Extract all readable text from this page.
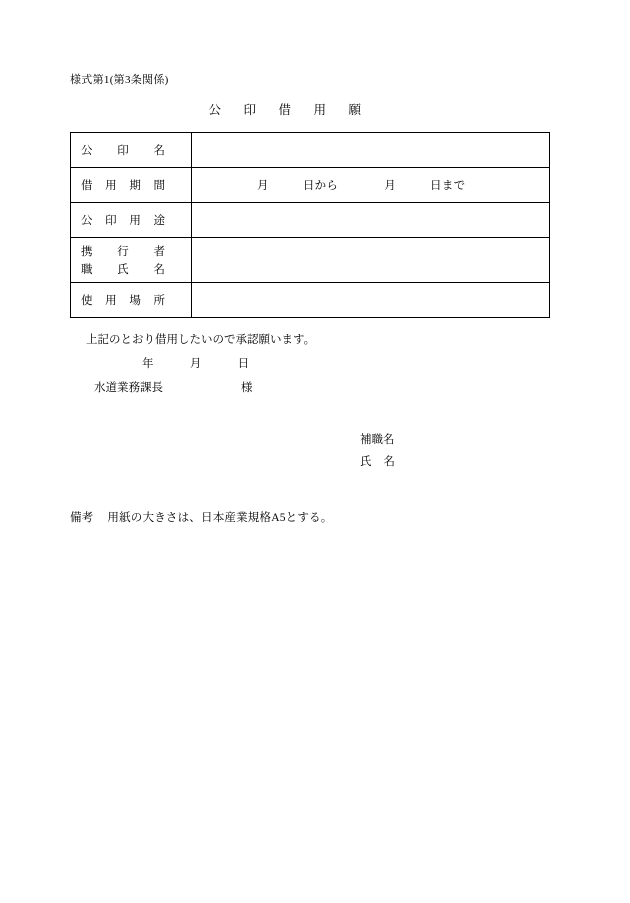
様式第1(第3条関係)
公 印 借 用 願
公 印 名	

借 用 期 間	月 日から 月 日まで

公 印 用 途	

携 行 者
職 氏 名

使 用 場 所	

上記のとおり借用したいので承認願います。
年	月	日
水道業務課長	様
補職名
氏 名
備考 用紙の大きさは、日本産業規格A5とする。
